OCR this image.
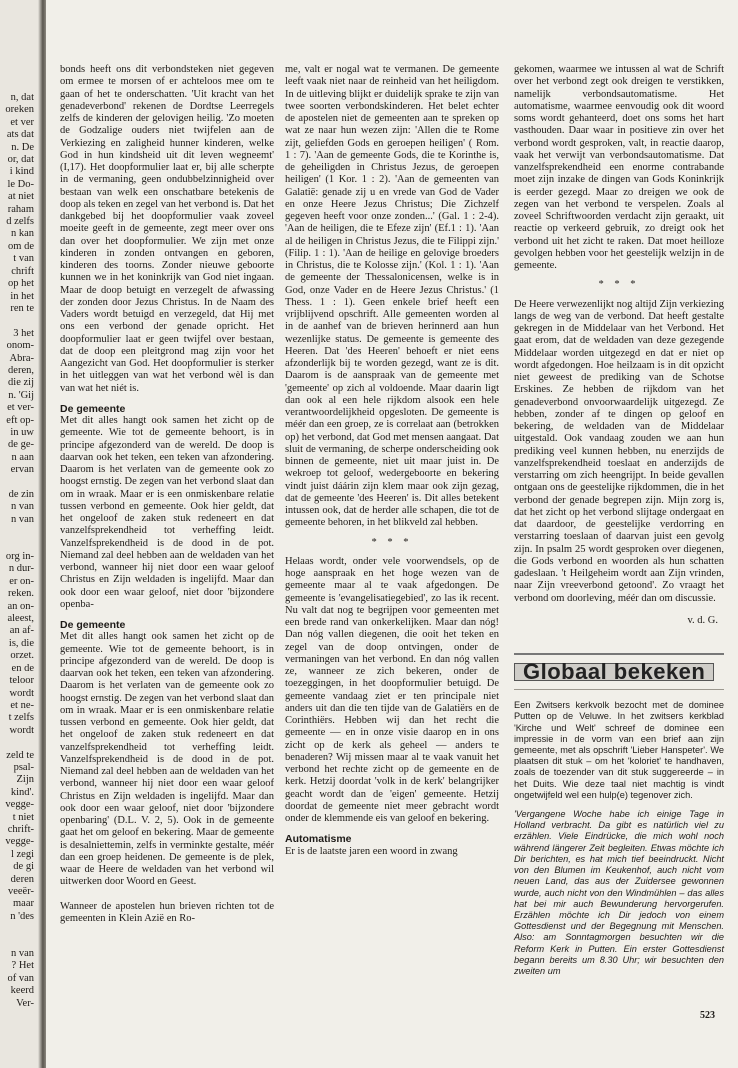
n, dat
oreken
et ver
ats dat
n. De
or, dat
i kind
le Do-
at niet
raham
d zelfs
n kan
om de
t van
chrift
op het
in het
ren te

3 het
onom-
Abra-
deren,
die zij
n. 'Gij
et ver-
eft op-
in uw
de ge-
n aan
ervan

de zin
n van
n van

org in-
n dur-
er on-
reken.
an on-
aleest,
an af-
is, die
orzet.
en de
teloor
wordt
et ne-
t zelfs
wordt

zeld te
psal-
Zijn
kind'.
vegge-
t niet
chrift-
vegge-
l zegi
de gi
deren
veeër-
maar
n 'des

n van
? Het
of van
keerd
Ver-

bonds heeft ons dit verbondsteken niet gegeven om ermee te morsen of er achteloos mee om te gaan of het te onderschatten. 'Uit kracht van het genadeverbond' rekenen de Dordtse Leerregels zelfs de kinderen der gelovigen heilig. 'Zo moeten de Godzalige ouders niet twijfelen aan de Verkiezing en zaligheid hunner kinderen, welke God in hun kindsheid uit dit leven wegneemt' (I,17). Het doopformulier laat er, bij alle scherpte in de vermaning, geen ondubbelzinnigheid over bestaan van welk een onschatbare betekenis de doop als teken en zegel van het verbond is. Dat het dankgebed bij het doopformulier vaak zoveel moeite geeft in de gemeente, zegt meer over ons dan over het doopformulier. We zijn met onze kinderen in zonden ontvangen en geboren, kinderen des toorns. Zonder nieuwe geboorte kunnen we in het koninkrijk van God niet ingaan. Maar de doop betuigt en verzegelt de afwassing der zonden door Jezus Christus. In de Naam des Vaders wordt betuigd en verzegeld, dat Hij met ons een verbond der genade opricht. Het doopformulier laat er geen twijfel over bestaan, dat de doop een pleitgrond mag zijn voor het Aangezicht van God. Het doopformulier is sterker in het uitleggen van wat het verbond wèl is dan van wat het niét is.

De gemeente

Met dit alles hangt ook samen het zicht op de gemeente. Wie tot de gemeente behoort, is in principe afgezonderd van de wereld. De doop is daarvan ook het teken, een teken van afzondering. Daarom is het verlaten van de gemeente ook zo hoogst ernstig. De zegen van het verbond slaat dan om in wraak. Maar er is een onmiskenbare relatie tussen verbond en gemeente. Ook hier geldt, dat het ongeloof de zaken stuk redeneert en dat vanzelfsprekendheid tot verheffing leidt. Vanzelfsprekendheid is de dood in de pot. Niemand zal deel hebben aan de weldaden van het verbond, wanneer hij niet door een waar geloof Christus en Zijn weldaden is ingelijfd. Maar dan ook door een waar geloof, niet door 'bijzondere openba-

De gemeente

Met dit alles hangt ook samen het zicht op de gemeente. Wie tot de gemeente behoort, is in principe afgezonderd van de wereld. De doop is daarvan ook het teken, een teken van afzondering. Daarom is het verlaten van de gemeente ook zo hoogst ernstig. De zegen van het verbond slaat dan om in wraak. Maar er is een onmiskenbare relatie tussen verbond en gemeente. Ook hier geldt, dat het ongeloof de zaken stuk redeneert en dat vanzelfsprekendheid tot verheffing leidt. Vanzelfsprekendheid is de dood in de pot. Niemand zal deel hebben aan de weldaden van het verbond, wanneer hij niet door een waar geloof Christus en Zijn weldaden is ingelijfd. Maar dan ook door een waar geloof, niet door 'bijzondere openbaring' (D.L. V. 2, 5). Ook in de gemeente gaat het om geloof en bekering. Maar de gemeente is desalniettemin, zelfs in verminkte gestalte, méér dan een groep heidenen. De gemeente is de plek, waar de Heere de weldaden van het verbond wil uitwerken door Woord en Geest.

Wanneer de apostelen hun brieven richten tot de gemeenten in Klein Azië en Ro-

me, valt er nogal wat te vermanen. De gemeente leeft vaak niet naar de reinheid van het heiligdom. In de uitleving blijkt er duidelijk sprake te zijn van twee soorten verbondskinderen. Het belet echter de apostelen niet de gemeenten aan te spreken op wat ze naar hun wezen zijn: 'Allen die te Rome zijt, geliefden Gods en geroepen heiligen' ( Rom. 1 : 7). 'Aan de gemeente Gods, die te Korinthe is, de geheiligden in Christus Jezus, de geroepen heiligen' (1 Kor. 1 : 2). 'Aan de gemeenten van Galatië: genade zij u en vrede van God de Vader en onze Heere Jezus Christus; Die Zichzelf gegeven heeft voor onze zonden...' (Gal. 1 : 2-4). 'Aan de heiligen, die te Efeze zijn' (Ef.1 : 1). 'Aan al de heiligen in Christus Jezus, die te Filippi zijn.' (Filip. 1 : 1). 'Aan de heilige en gelovige broeders in Christus, die te Kolosse zijn.' (Kol. 1 : 1). 'Aan de gemeente der Thessalonicensen, welke is in God, onze Vader en de Heere Jezus Christus.' (1 Thess. 1 : 1). Geen enkele brief heeft een vrijblijvend opschrift. Alle gemeenten worden al in de aanhef van de brieven herinnerd aan hun wezenlijke status. De gemeente is gemeente des Heeren. Dat 'des Heeren' behoeft er niet eens afzonderlijk bij te worden gezegd, want ze is dit. Daarom is de aanspraak van de gemeente met 'gemeente' op zich al voldoende. Maar daarin ligt dan ook al een hele rijkdom alsook een hele verantwoordelijkheid opgesloten. De gemeente is méér dan een groep, ze is correlaat aan (betrokken op) het verbond, dat God met mensen aangaat. Dat sluit de vermaning, de scherpe onderscheiding ook binnen de gemeente, niet uit maar juist in. De wekroep tot geloof, wedergeboorte en bekering vindt juist dáárin zijn klem maar ook zijn gezag, dat de gemeente 'des Heeren' is. Dit alles betekent intussen ook, dat de herder alle schapen, die tot de gemeente behoren, in het blikveld zal hebben.

* * *

Helaas wordt, onder vele voorwendsels, op de hoge aanspraak en het hoge wezen van de gemeente maar al te vaak afgedongen. De gemeente is 'evangelisatiegebied', zo las ik recent. Nu valt dat nog te begrijpen voor gemeenten met een brede rand van onkerkelijken. Maar dan nóg! Dan nóg vallen diegenen, die ooit het teken en zegel van de doop ontvingen, onder de vermaningen van het verbond. En dan nóg vallen ze, wanneer ze zich bekeren, onder de toezeggingen, in het doopformulier betuigd. De gemeente vandaag ziet er ten principale niet anders uit dan die ten tijde van de Galatiërs en de Corinthiërs. Hebben wij dan het recht die gemeente — en in onze visie daarop en in ons zicht op de kerk als geheel — anders te benaderen? Wij missen maar al te vaak vanuit het verbond het rechte zicht op de gemeente en de kerk. Hetzij doordat 'volk in de kerk' belangrijker geacht wordt dan de 'eigen' gemeente. Hetzij doordat de gemeente niet meer gebracht wordt onder de klemmende eis van geloof en bekering.

Automatisme

Er is de laatste jaren een woord in zwang

gekomen, waarmee we intussen al wat de Schrift over het verbond zegt ook dreigen te verstikken, namelijk verbondsautomatisme. Het automatisme, waarmee eenvoudig ook dit woord soms wordt gehanteerd, doet ons soms het hart vasthouden. Daar waar in positieve zin over het verbond wordt gesproken, valt, in reactie daarop, vaak het verwijt van verbondsautomatisme. Dat vanzelfsprekendheid een enorme contrabande moet zijn inzake de dingen van Gods Koninkrijk is eerder gezegd. Maar zo dreigen we ook de zegen van het verbond te verspelen. Zoals al zoveel Schriftwoorden verdacht zijn geraakt, uit reactie op verkeerd gebruik, zo dreigt ook het verbond uit het zicht te raken. Dat moet heilloze gevolgen hebben voor het geestelijk welzijn in de gemeente.

* * *

De Heere verwezenlijkt nog altijd Zijn verkiezing langs de weg van de verbond. Dat heeft gestalte gekregen in de Middelaar van het Verbond. Het gaat erom, dat de weldaden van deze gezegende Middelaar worden uitgezegd en dat er niet op wordt afgedongen. Hoe heilzaam is in dit opzicht niet geweest de prediking van de Schotse Erskines. Ze hebben de rijkdom van het genadeverbond onvoorwaardelijk uitgezegd. Ze hebben, zonder af te dingen op geloof en bekering, de weldaden van de Middelaar uitgestald. Ook vandaag zouden we aan hun prediking veel kunnen hebben, nu enerzijds de vanzelfsprekendheid toeslaat en anderzijds de verstarring om zich heengrijpt. In beide gevallen ontgaan ons de geestelijke rijkdommen, die in het verbond der genade begrepen zijn. Mijn zorg is, dat het zicht op het verbond slijtage ondergaat en dat daardoor, de geestelijke verdorring en verstarring toeslaan of daarvan juist een gevolg zijn. In psalm 25 wordt gesproken over diegenen, die Gods verbond en woorden als hun schatten gadeslaan. 't Heilgeheim wordt aan Zijn vrinden, naar Zijn vreeverbond getoond'. Zo vraagt het verbond om doorleving, méér dan om discussie.

v. d. G.
Globaal bekeken

Een Zwitsers kerkvolk bezocht met de dominee Putten op de Veluwe. In het zwitsers kerkblad 'Kirche und Welt' schreef de dominee een impressie in de vorm van een brief aan zijn gemeente, met als opschrift 'Lieber Hanspeter'. We plaatsen dit stuk – om het 'koloriet' te handhaven, zoals de toezender van dit stuk suggereerde – in het Duits. Wie deze taal niet machtig is vindt ongetwijfeld wel een hulp(e) tegenover zich.

'Vergangene Woche habe ich einige Tage in Holland verbracht. Da gibt es natürlich viel zu erzählen. Viele Eindrücke, die mich wohl noch während längerer Zeit begleiten. Etwas möchte ich Dir berichten, es hat mich tief beeindruckt. Nicht von den Blumen im Keukenhof, auch nicht vom neuen Land, das aus der Zuidersee gewonnen wurde, auch nicht von den Windmühlen – das alles hat bei mir auch Bewunderung hervorgerufen. Erzählen möchte ich Dir jedoch von einem Gottesdienst und der Begegnung mit Menschen. Also: am Sonntagmorgen besuchten wir die Reform Kerk in Putten. Ein erster Gottesdienst begann bereits um 8.30 Uhr; wir besuchten den zweiten um

523
